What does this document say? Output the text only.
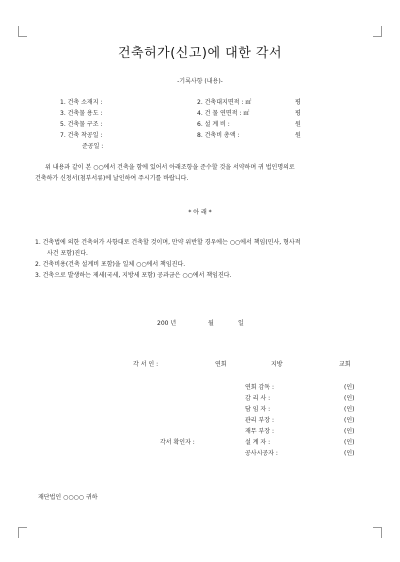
건축허가(신고)에 대한 각서
-기록사항 (내용)-
1. 건축 소재지 :	2. 건축대지면적 : ㎡	평
3. 건축물 용도 :	4. 건 물 연면적 : ㎡	평
5. 건축물 구조 :	6. 설 계 비 :	원
7. 건축 착공일 :	8. 건축비 총액 :	원
준공일 :
위 내용과 같이 본 ○○에서 건축을 함에 있어서 아래조항을 준수할 것을 서약하며 귀 법인명의로
건축하가 신청서(첨부서류)에 날인하여 주시기를 바랍니다.
* 아 래 *
1. 건축법에 의한 건축허가 사항대로 건축할 것이며, 만약 위반할 경우에는 ○○에서 책임(민사, 형사적
사건 포함)진다.
2. 건축비용(건축 설계비 포함)을 일체 ○○에서 책임진다.
3. 건축으로 발생하는 제세(국세, 지방세 포함) 공과금은 ○○에서 책임진다.
200 년	월	일
각 서 인 :	연회	지방	교회
연회 감독 :	(인)
감 리 사 :	(인)
담 임 자 :	(인)
관리 부장 :	(인)
재무 부장 :	(인)
각서 확인자 :	설 계 자 :	(인)
공사시공자 :	(인)
재단법인 ○○○○ 귀하
